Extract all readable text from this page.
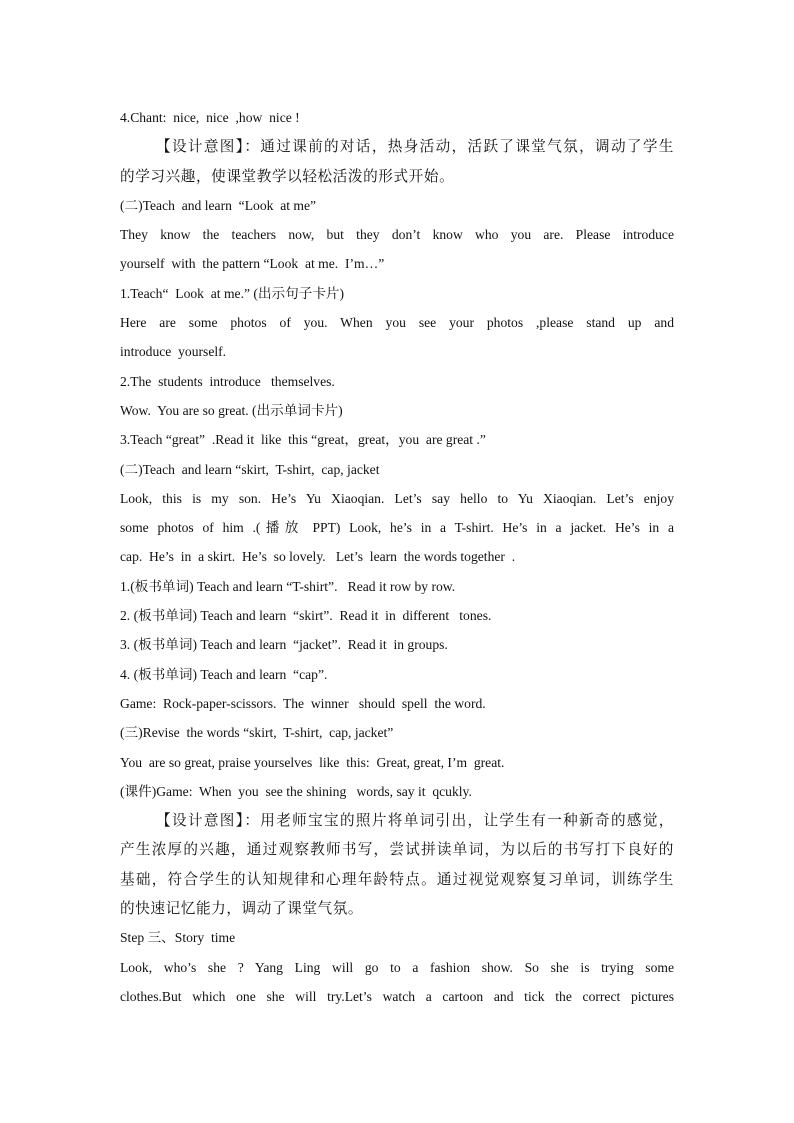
4.Chant:  nice,  nice  ,how  nice !
【设计意图】：通过课前的对话，热身活动，活跃了课堂气氛，调动了学生
的学习兴趣，使课堂教学以轻松活泼的形式开始。
(二)Teach  and learn  “Look  at me”
They know the teachers now, but they don’t know who you are. Please introduce
yourself  with  the pattern “Look  at me.  I’m…”
1.Teach“  Look  at me.” (出示句子卡片)
Here are some photos of you. When you see your photos ,please stand up and
introduce  yourself.
2.The  students  introduce   themselves.
Wow.  You are so great. (出示单词卡片)
3.Teach “great”  .Read it  like  this “great，great，you  are great .”
(二)Teach  and learn “skirt,  T-shirt,  cap, jacket
Look, this is my son. He’s Yu Xiaoqian. Let’s say hello to Yu Xiaoqian. Let’s enjoy
some photos of him .(播放 PPT) Look, he’s in a T-shirt. He’s in a jacket. He’s in a
cap.  He’s  in  a skirt.  He’s  so lovely.   Let’s  learn  the words together  .
1.(板书单词) Teach and learn “T-shirt”.   Read it row by row.
2. (板书单词) Teach and learn  “skirt”.  Read it  in  different   tones.
3. (板书单词) Teach and learn  “jacket”.  Read it  in groups.
4. (板书单词) Teach and learn  “cap”.
Game:  Rock-paper-scissors.  The  winner   should  spell  the word.
(三)Revise  the words “skirt,  T-shirt,  cap, jacket”
You  are so great, praise yourselves  like  this:  Great, great, I’m  great.
(课件)Game:  When  you  see the shining   words, say it  qcukly.
【设计意图】：用老师宝宝的照片将单词引出，让学生有一种新奇的感觉，
产生浓厚的兴趣，通过观察教师书写，尝试拼读单词，为以后的书写打下良好的
基础，符合学生的认知规律和心理年龄特点。通过视觉观察复习单词，训练学生
的快速记忆能力，调动了课堂气氛。
Step 三、Story  time
Look, who’s she ? Yang Ling will go to a fashion show. So she is trying some
clothes.But which one she will try.Let’s watch a cartoon and tick the correct pictures
